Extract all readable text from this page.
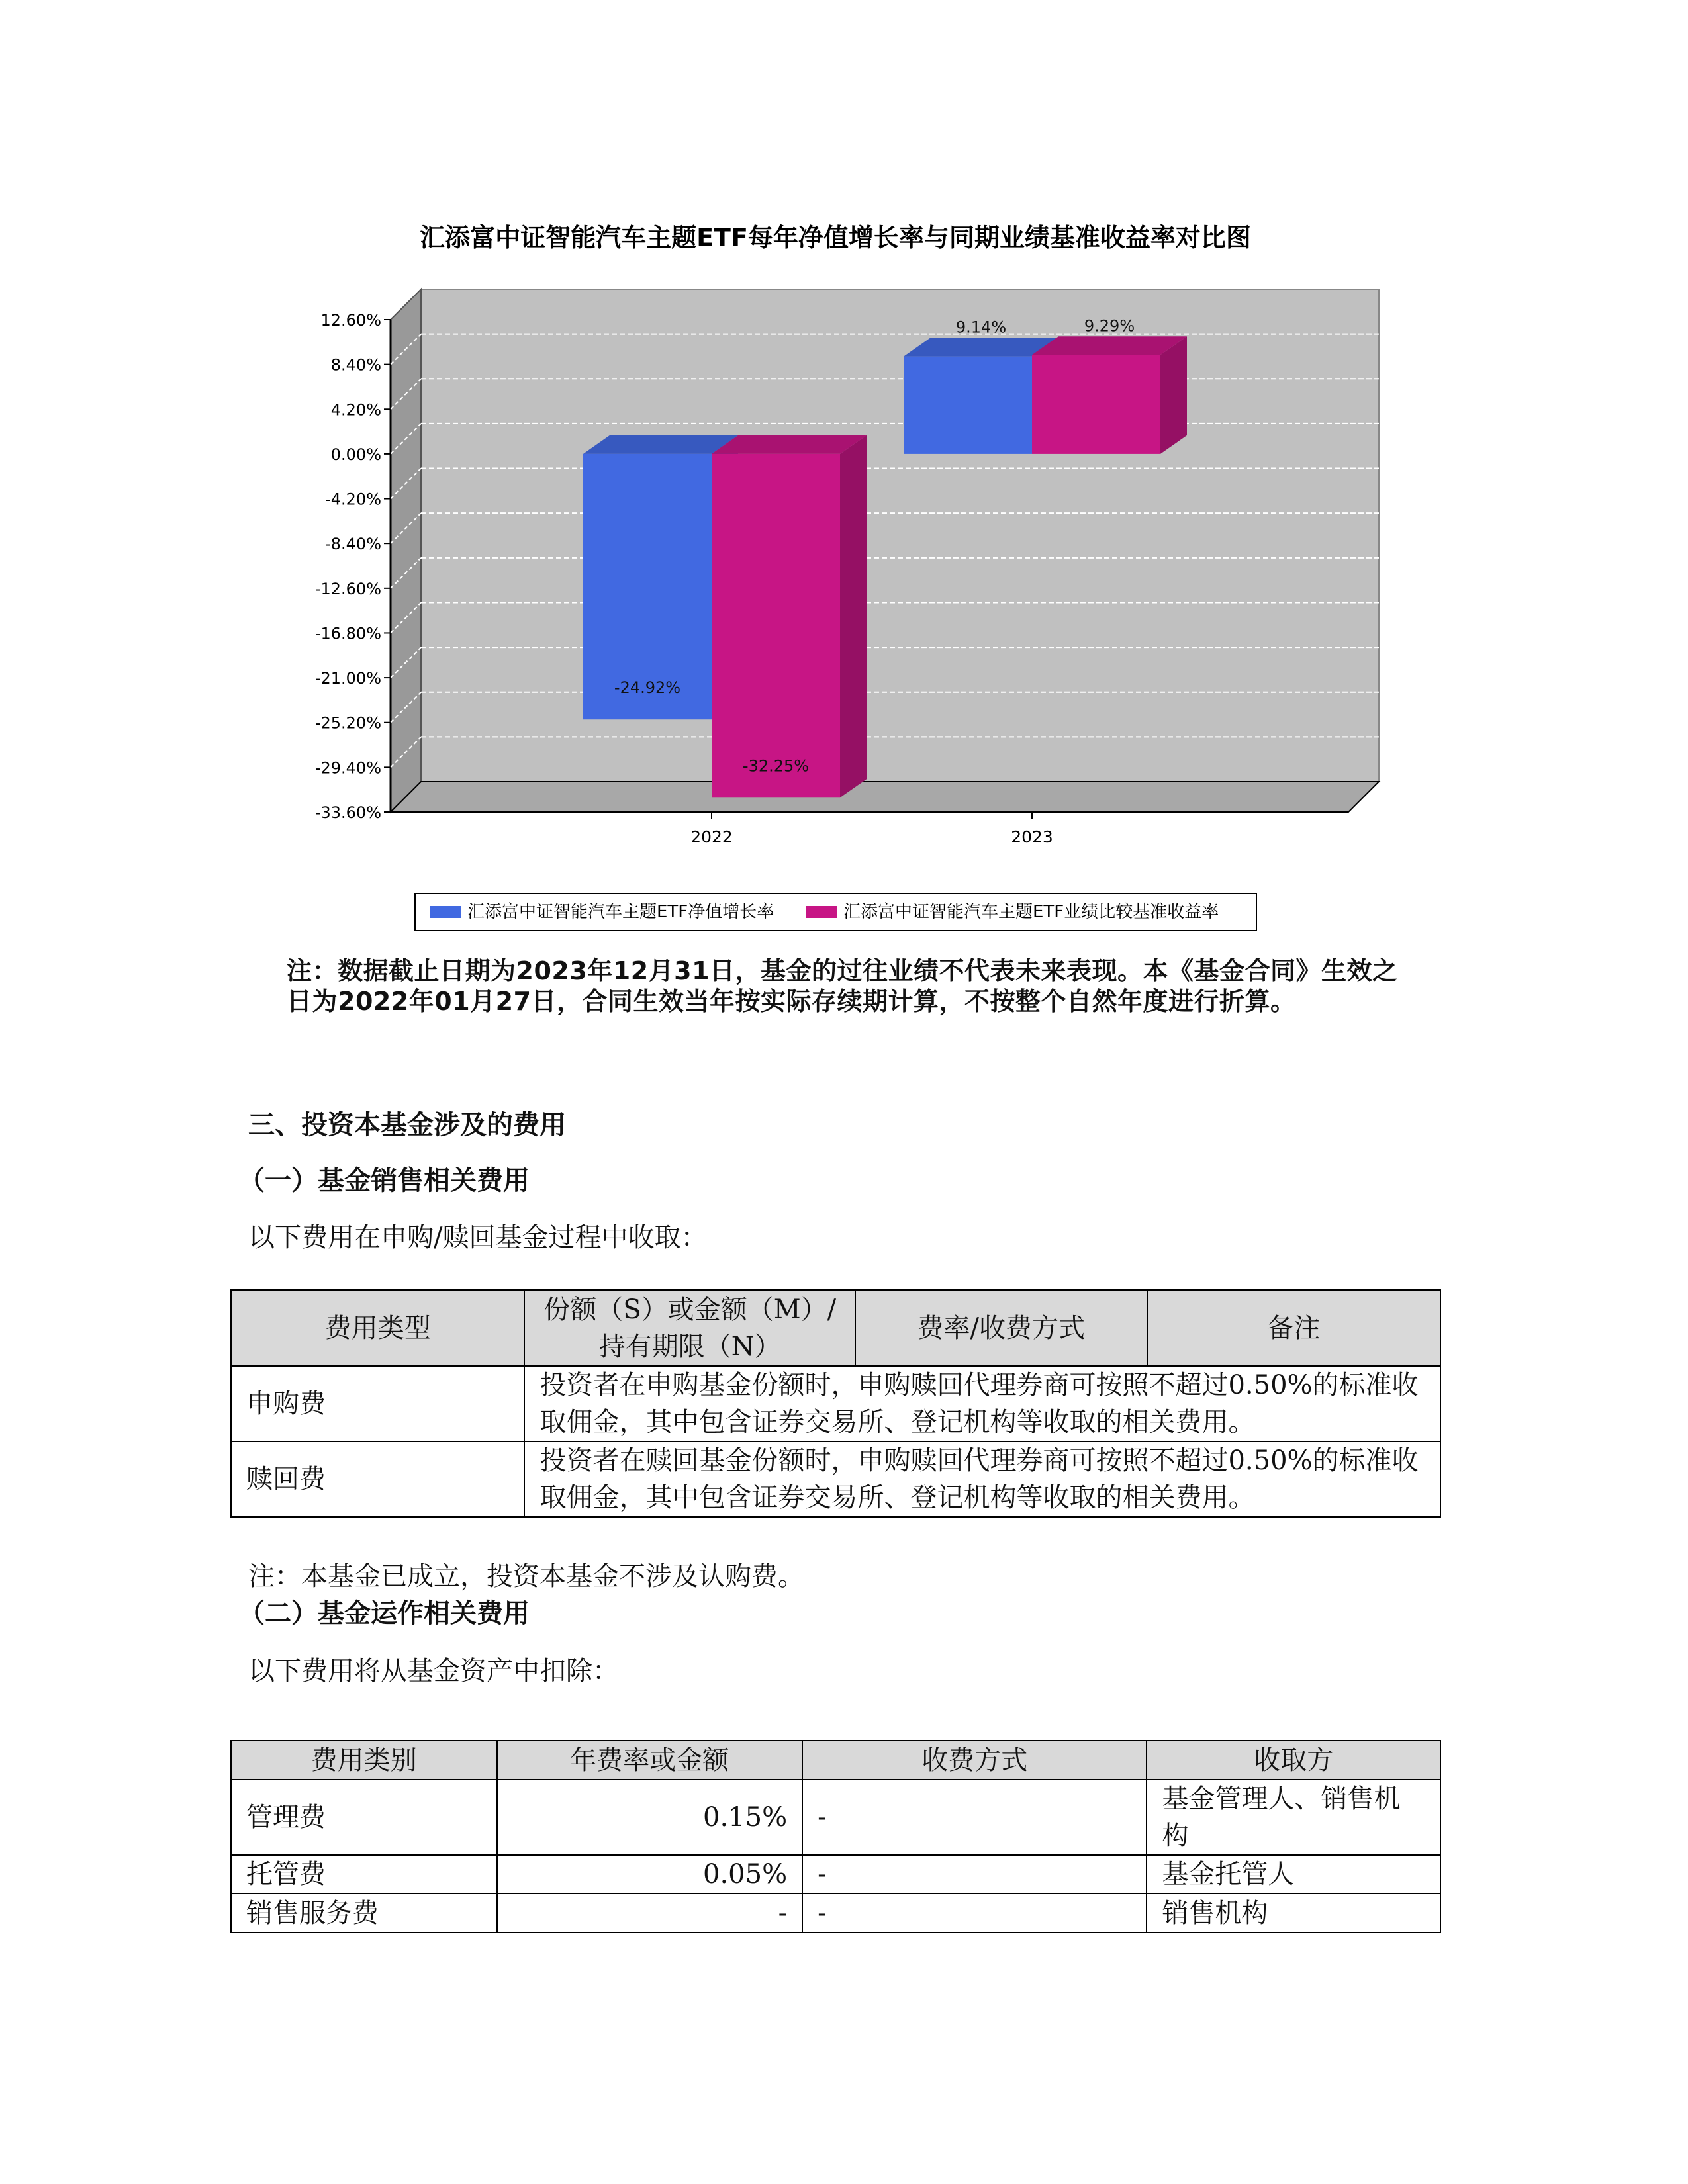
汇添富中证智能汽车主题ETF每年净值增长率与同期业绩基准收益率对比图
12.60%
8.40%
4.20%
0.00%
-4.20%
-8.40%
-12.60%
-16.80%
-21.00%
-25.20%
-29.40%
-33.60%
-24.92%
-32.25%
9.14%	9.29%
2022	2023
汇添富中证智能汽车主题ETF净值增长率	汇添富中证智能汽车主题ETF业绩比较基准收益率
注：数据截止日期为2023年12月31日，基金的过往业绩不代表未来表现。本《基金合同》生效之日为2022年01月27日，合同生效当年按实际存续期计算，不按整个自然年度进行折算。
三、投资本基金涉及的费用
（一）基金销售相关费用
以下费用在申购/赎回基金过程中收取：
费用类型	份额（S）或金额（M）/持有期限（N）	费率/收费方式	备注
申购费	投资者在申购基金份额时，申购赎回代理券商可按照不超过0.50%的标准收取佣金，其中包含证券交易所、登记机构等收取的相关费用。		
赎回费	投资者在赎回基金份额时，申购赎回代理券商可按照不超过0.50%的标准收取佣金，其中包含证券交易所、登记机构等收取的相关费用。		
注：本基金已成立，投资本基金不涉及认购费。
（二）基金运作相关费用
以下费用将从基金资产中扣除：
费用类别	年费率或金额	收费方式	收取方
管理费	0.15%	-	基金管理人、销售机构
托管费	0.05%	-	基金托管人
销售服务费	-	-	销售机构
